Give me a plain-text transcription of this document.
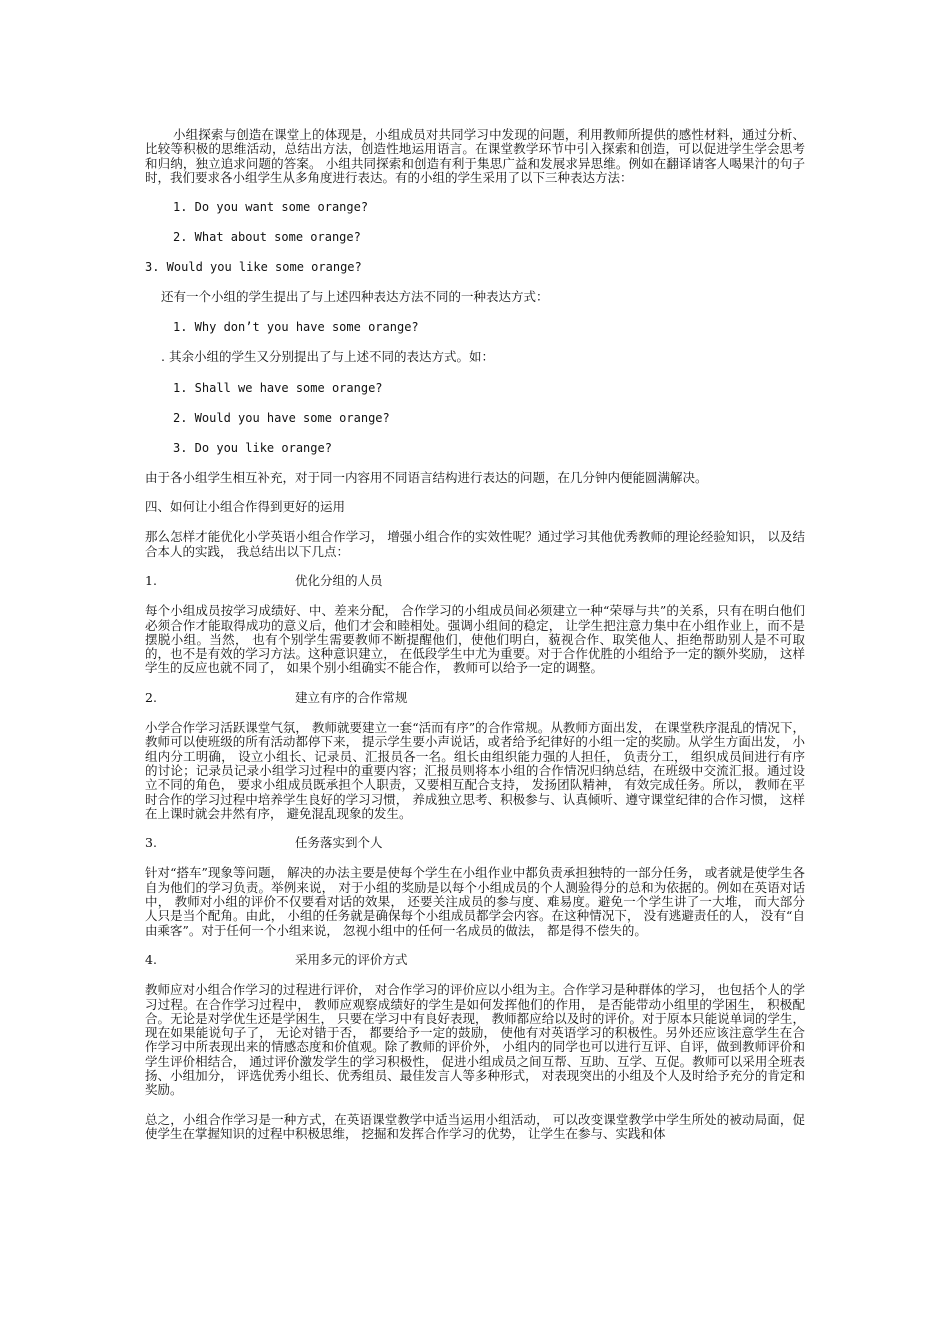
小组探索与创造在课堂上的体现是，小组成员对共同学习中发现的问题，利用教师所提供的感性材料，通过分析、比较等积极的思维活动，总结出方法，创造性地运用语言。在课堂教学环节中引入探索和创造，可以促进学生学会思考和归纳，独立追求问题的答案。 小组共同探索和创造有利于集思广益和发展求异思维。例如在翻译请客人喝果汁的句子时，我们要求各小组学生从多角度进行表达。有的小组的学生采用了以下三种表达方法：

1. Do you want some orange?
2. What about some orange?
3. Would you like some orange?

还有一个小组的学生提出了与上述四种表达方法不同的一种表达方式：

1. Why don’t you have some orange?

. 其余小组的学生又分别提出了与上述不同的表达方式。如：

1. Shall we have some orange?
2. Would you have some orange?
3. Do you like orange?

由于各小组学生相互补充，对于同一内容用不同语言结构进行表达的问题，在几分钟内便能圆满解决。

四、如何让小组合作得到更好的运用

那么怎样才能优化小学英语小组合作学习， 增强小组合作的实效性呢？通过学习其他优秀教师的理论经验知识， 以及结合本人的实践， 我总结出以下几点：

1.	优化分组的人员

每个小组成员按学习成绩好、中、差来分配， 合作学习的小组成员间必须建立一种“荣辱与共”的关系，只有在明白他们必须合作才能取得成功的意义后，他们才会和睦相处。强调小组间的稳定， 让学生把注意力集中在小组作业上，而不是摆脱小组。当然， 也有个别学生需要教师不断提醒他们，使他们明白，藐视合作、取笑他人、拒绝帮助别人是不可取的，也不是有效的学习方法。这种意识建立， 在低段学生中尤为重要。对于合作优胜的小组给予一定的额外奖励， 这样学生的反应也就不同了， 如果个别小组确实不能合作， 教师可以给予一定的调整。

2.	建立有序的合作常规

小学合作学习活跃课堂气氛， 教师就要建立一套“活而有序”的合作常规。从教师方面出发， 在课堂秩序混乱的情况下，教师可以使班级的所有活动都停下来， 提示学生要小声说话，或者给予纪律好的小组一定的奖励。从学生方面出发， 小组内分工明确， 设立小组长、记录员、汇报员各一名。组长由组织能力强的人担任， 负责分工， 组织成员间进行有序的讨论；记录员记录小组学习过程中的重要内容；汇报员则将本小组的合作情况归纳总结，在班级中交流汇报。通过设立不同的角色， 要求小组成员既承担个人职责，又要相互配合支持， 发扬团队精神， 有效完成任务。所以， 教师在平时合作的学习过程中培养学生良好的学习习惯， 养成独立思考、积极参与、认真倾听、遵守课堂纪律的合作习惯， 这样在上课时就会井然有序， 避免混乱现象的发生。

3.	任务落实到个人

针对“搭车”现象等问题， 解决的办法主要是使每个学生在小组作业中都负责承担独特的一部分任务， 或者就是使学生各自为他们的学习负责。举例来说， 对于小组的奖励是以每个小组成员的个人测验得分的总和为依据的。例如在英语对话中， 教师对小组的评价不仅要看对话的效果， 还要关注成员的参与度、难易度。避免一个学生讲了一大堆， 而大部分人只是当个配角。由此， 小组的任务就是确保每个小组成员都学会内容。在这种情况下， 没有逃避责任的人， 没有“自由乘客”。对于任何一个小组来说， 忽视小组中的任何一名成员的做法， 都是得不偿失的。

4.	采用多元的评价方式

教师应对小组合作学习的过程进行评价， 对合作学习的评价应以小组为主。合作学习是种群体的学习， 也包括个人的学习过程。在合作学习过程中， 教师应观察成绩好的学生是如何发挥他们的作用， 是否能带动小组里的学困生， 积极配合。无论是对学优生还是学困生， 只要在学习中有良好表现， 教师都应给以及时的评价。对于原本只能说单词的学生， 现在如果能说句子了， 无论对错于否， 都要给予一定的鼓励， 使他有对英语学习的积极性。另外还应该注意学生在合作学习中所表现出来的情感态度和价值观。除了教师的评价外， 小组内的同学也可以进行互评、自评，做到教师评价和学生评价相结合， 通过评价激发学生的学习积极性， 促进小组成员之间互帮、互助、互学、互促。教师可以采用全班表扬、小组加分， 评选优秀小组长、优秀组员、最佳发言人等多种形式， 对表现突出的小组及个人及时给予充分的肯定和奖励。

总之，小组合作学习是一种方式，在英语课堂教学中适当运用小组活动， 可以改变课堂教学中学生所处的被动局面，促使学生在掌握知识的过程中积极思维， 挖掘和发挥合作学习的优势， 让学生在参与、实践和体
